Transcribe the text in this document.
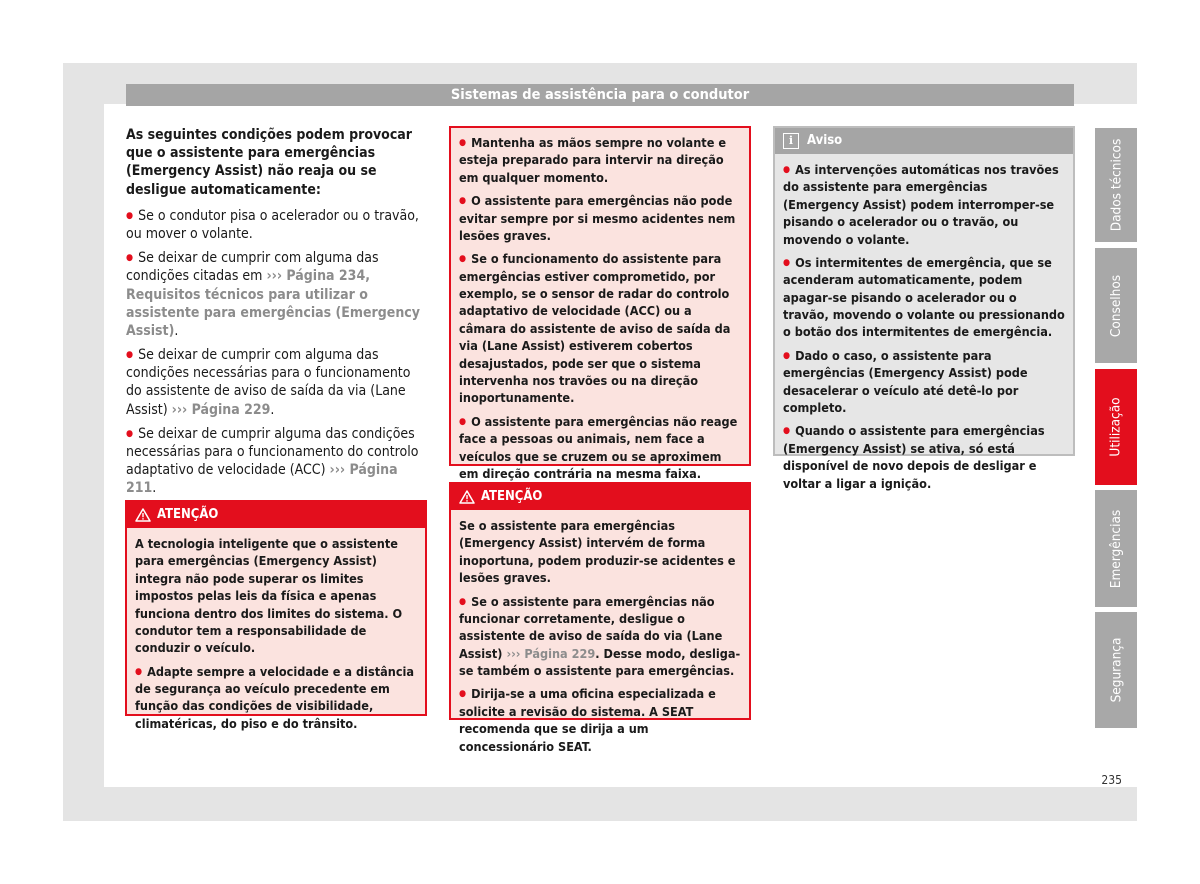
Sistemas de assistência para o condutor

As seguintes condições podem provocar que o assistente para emergências (Emergency Assist) não reaja ou se desligue automaticamente:

● Se o condutor pisa o acelerador ou o travão, ou mover o volante.

● Se deixar de cumprir com alguma das condições citadas em ››› Página 234, Requisitos técnicos para utilizar o assistente para emergências (Emergency Assist).

● Se deixar de cumprir com alguma das condições necessárias para o funcionamento do assistente de aviso de saída da via (Lane Assist) ››› Página 229.

● Se deixar de cumprir alguma das condições necessárias para o funcionamento do controlo adaptativo de velocidade (ACC) ››› Página 211.

ATENÇÃO

A tecnologia inteligente que o assistente para emergências (Emergency Assist) integra não pode superar os limites impostos pelas leis da física e apenas funciona dentro dos limites do sistema. O condutor tem a responsabilidade de conduzir o veículo.

● Adapte sempre a velocidade e a distância de segurança ao veículo precedente em função das condições de visibilidade, climatéricas, do piso e do trânsito.

● Mantenha as mãos sempre no volante e esteja preparado para intervir na direção em qualquer momento.

● O assistente para emergências não pode evitar sempre por si mesmo acidentes nem lesões graves.

● Se o funcionamento do assistente para emergências estiver comprometido, por exemplo, se o sensor de radar do controlo adaptativo de velocidade (ACC) ou a câmara do assistente de aviso de saída da via (Lane Assist) estiverem cobertos desajustados, pode ser que o sistema intervenha nos travões ou na direção inoportunamente.

● O assistente para emergências não reage face a pessoas ou animais, nem face a veículos que se cruzem ou se aproximem em direção contrária na mesma faixa.

ATENÇÃO

Se o assistente para emergências (Emergency Assist) intervém de forma inoportuna, podem produzir-se acidentes e lesões graves.

● Se o assistente para emergências não funcionar corretamente, desligue o assistente de aviso de saída do via (Lane Assist) ››› Página 229. Desse modo, desliga-se também o assistente para emergências.

● Dirija-se a uma oficina especializada e solicite a revisão do sistema. A SEAT recomenda que se dirija a um concessionário SEAT.

i	Aviso

● As intervenções automáticas nos travões do assistente para emergências (Emergency Assist) podem interromper-se pisando o acelerador ou o travão, ou movendo o volante.

● Os intermitentes de emergência, que se acenderam automaticamente, podem apagar-se pisando o acelerador ou o travão, movendo o volante ou pressionando o botão dos intermitentes de emergência.

● Dado o caso, o assistente para emergências (Emergency Assist) pode desacelerar o veículo até detê-lo por completo.

● Quando o assistente para emergências (Emergency Assist) se ativa, só está disponível de novo depois de desligar e voltar a ligar a ignição.

Dados técnicos
Conselhos
Utilização
Emergências
Segurança
235
